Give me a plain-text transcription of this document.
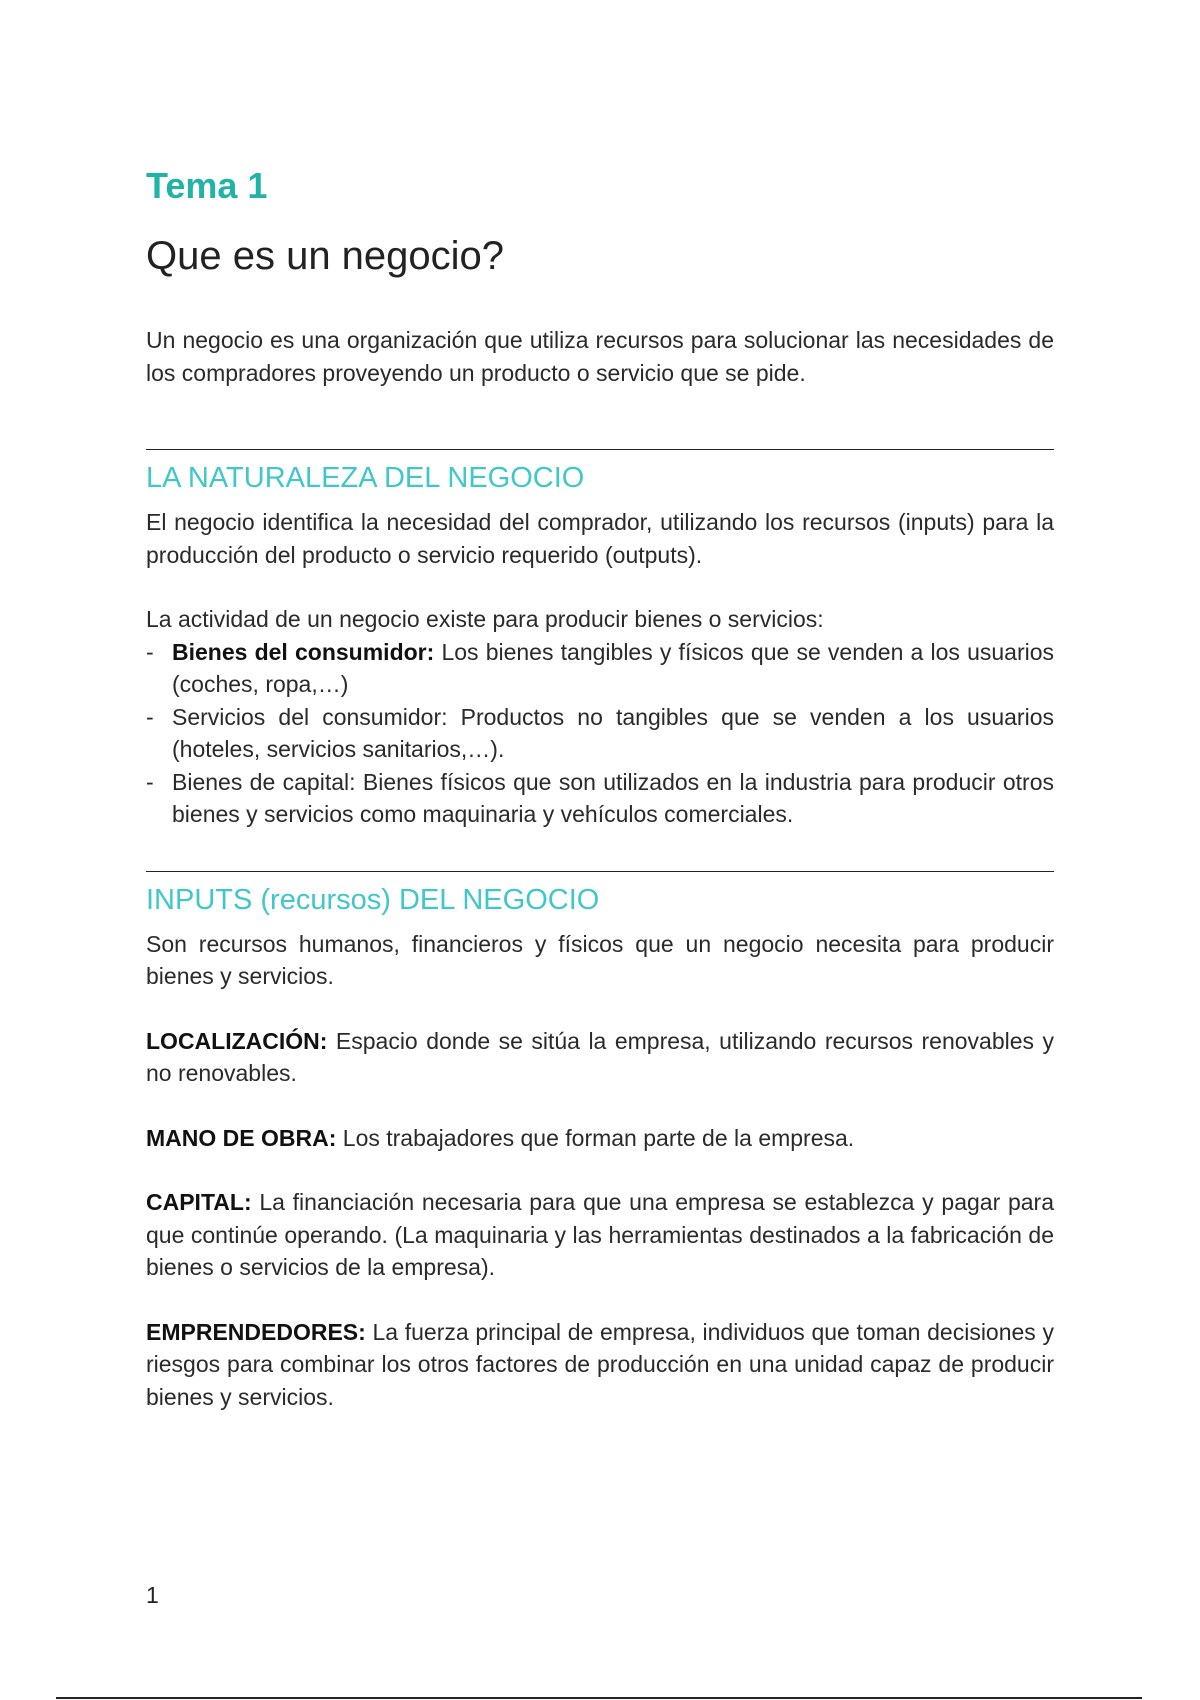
Tema 1
Que es un negocio?

Un negocio es una organización que utiliza recursos para solucionar las necesidades de los compradores proveyendo un producto o servicio que se pide.

LA NATURALEZA DEL NEGOCIO

El negocio identifica la necesidad del comprador, utilizando los recursos (inputs) para la producción del producto o servicio requerido (outputs).

La actividad de un negocio existe para producir bienes o servicios:

- Bienes del consumidor: Los bienes tangibles y físicos que se venden a los usuarios (coches, ropa,…)
- Servicios del consumidor: Productos no tangibles que se venden a los usuarios (hoteles, servicios sanitarios,…).
- Bienes de capital: Bienes físicos que son utilizados en la industria para producir otros bienes y servicios como maquinaria y vehículos comerciales.
INPUTS (recursos) DEL NEGOCIO

Son recursos humanos, financieros y físicos que un negocio necesita para producir bienes y servicios.

LOCALIZACIÓN: Espacio donde se sitúa la empresa, utilizando recursos renovables y no renovables.

MANO DE OBRA: Los trabajadores que forman parte de la empresa.

CAPITAL: La financiación necesaria para que una empresa se establezca y pagar para que continúe operando. (La maquinaria y las herramientas destinados a la fabricación de bienes o servicios de la empresa).

EMPRENDEDORES: La fuerza principal de empresa, individuos que toman decisiones y riesgos para combinar los otros factores de producción en una unidad capaz de producir bienes y servicios.

1
